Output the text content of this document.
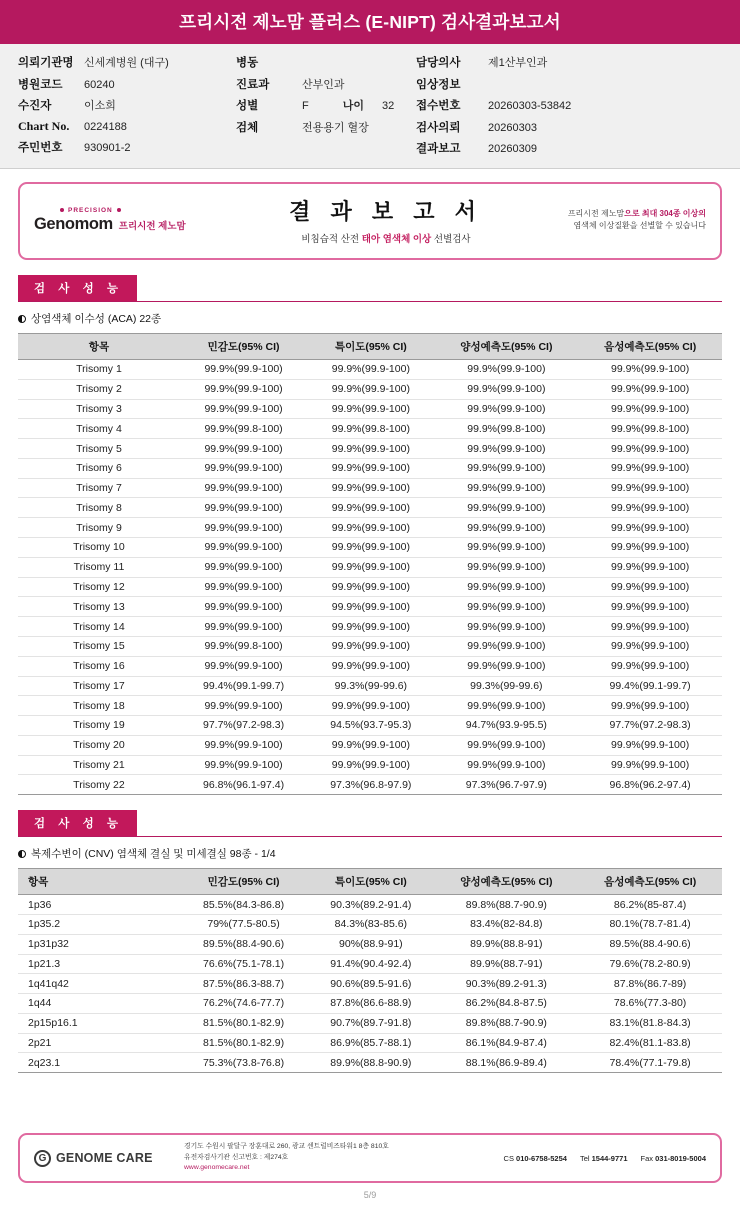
프리시전 제노맘 플러스 (E-NIPT) 검사결과보고서
의뢰기관명 신세계병원 (대구)
병원코드	60240
수진자	이소희
Chart No.	0224188
주민번호	930901-2
병동
진료과	산부인과
성별	F	나이 32
검체	전용용기 혈장
담당의사	제1산부인과
임상정보
접수번호	20260303-53842
검사의뢰	20260303
결과보고	20260309
PRECISION
Genomom 프리시전 제노맘
결 과 보 고 서
비침습적 산전 태아 염색체 이상 선별검사
프리시전 제노맘으로 최대 304종 이상의
염색체 이상질환을 선별할 수 있습니다
검 사 성 능
상염색체 이수성 (ACA) 22종
항목	민감도(95% CI)	특이도(95% CI)	양성예측도(95% CI)	음성예측도(95% CI)
Trisomy 1	99.9%(99.9-100)	99.9%(99.9-100)	99.9%(99.9-100)	99.9%(99.9-100)
Trisomy 2	99.9%(99.9-100)	99.9%(99.9-100)	99.9%(99.9-100)	99.9%(99.9-100)
Trisomy 3	99.9%(99.9-100)	99.9%(99.9-100)	99.9%(99.9-100)	99.9%(99.9-100)
Trisomy 4	99.9%(99.8-100)	99.9%(99.8-100)	99.9%(99.8-100)	99.9%(99.8-100)
Trisomy 5	99.9%(99.9-100)	99.9%(99.9-100)	99.9%(99.9-100)	99.9%(99.9-100)
Trisomy 6	99.9%(99.9-100)	99.9%(99.9-100)	99.9%(99.9-100)	99.9%(99.9-100)
Trisomy 7	99.9%(99.9-100)	99.9%(99.9-100)	99.9%(99.9-100)	99.9%(99.9-100)
Trisomy 8	99.9%(99.9-100)	99.9%(99.9-100)	99.9%(99.9-100)	99.9%(99.9-100)
Trisomy 9	99.9%(99.9-100)	99.9%(99.9-100)	99.9%(99.9-100)	99.9%(99.9-100)
Trisomy 10	99.9%(99.9-100)	99.9%(99.9-100)	99.9%(99.9-100)	99.9%(99.9-100)
Trisomy 11	99.9%(99.9-100)	99.9%(99.9-100)	99.9%(99.9-100)	99.9%(99.9-100)
Trisomy 12	99.9%(99.9-100)	99.9%(99.9-100)	99.9%(99.9-100)	99.9%(99.9-100)
Trisomy 13	99.9%(99.9-100)	99.9%(99.9-100)	99.9%(99.9-100)	99.9%(99.9-100)
Trisomy 14	99.9%(99.9-100)	99.9%(99.9-100)	99.9%(99.9-100)	99.9%(99.9-100)
Trisomy 15	99.9%(99.8-100)	99.9%(99.9-100)	99.9%(99.9-100)	99.9%(99.9-100)
Trisomy 16	99.9%(99.9-100)	99.9%(99.9-100)	99.9%(99.9-100)	99.9%(99.9-100)
Trisomy 17	99.4%(99.1-99.7)	99.3%(99-99.6)	99.3%(99-99.6)	99.4%(99.1-99.7)
Trisomy 18	99.9%(99.9-100)	99.9%(99.9-100)	99.9%(99.9-100)	99.9%(99.9-100)
Trisomy 19	97.7%(97.2-98.3)	94.5%(93.7-95.3)	94.7%(93.9-95.5)	97.7%(97.2-98.3)
Trisomy 20	99.9%(99.9-100)	99.9%(99.9-100)	99.9%(99.9-100)	99.9%(99.9-100)
Trisomy 21	99.9%(99.9-100)	99.9%(99.9-100)	99.9%(99.9-100)	99.9%(99.9-100)
Trisomy 22	96.8%(96.1-97.4)	97.3%(96.8-97.9)	97.3%(96.7-97.9)	96.8%(96.2-97.4)
검 사 성 능
복제수변이 (CNV) 염색체 결실 및 미세결실 98종 - 1/4
항목	민감도(95% CI)	특이도(95% CI)	양성예측도(95% CI)	음성예측도(95% CI)
1p36	85.5%(84.3-86.8)	90.3%(89.2-91.4)	89.8%(88.7-90.9)	86.2%(85-87.4)
1p35.2	79%(77.5-80.5)	84.3%(83-85.6)	83.4%(82-84.8)	80.1%(78.7-81.4)
1p31p32	89.5%(88.4-90.6)	90%(88.9-91)	89.9%(88.8-91)	89.5%(88.4-90.6)
1p21.3	76.6%(75.1-78.1)	91.4%(90.4-92.4)	89.9%(88.7-91)	79.6%(78.2-80.9)
1q41q42	87.5%(86.3-88.7)	90.6%(89.5-91.6)	90.3%(89.2-91.3)	87.8%(86.7-89)
1q44	76.2%(74.6-77.7)	87.8%(86.6-88.9)	86.2%(84.8-87.5)	78.6%(77.3-80)
2p15p16.1	81.5%(80.1-82.9)	90.7%(89.7-91.8)	89.8%(88.7-90.9)	83.1%(81.8-84.3)
2p21	81.5%(80.1-82.9)	86.9%(85.7-88.1)	86.1%(84.9-87.4)	82.4%(81.1-83.8)
2q23.1	75.3%(73.8-76.8)	89.9%(88.8-90.9)	88.1%(86.9-89.4)	78.4%(77.1-79.8)
G GENOME CARE
경기도 수원시 팔달구 장훈대로 260, 광교 센트럴비즈타워1 8층 810호
유전자검사기관 신고번호 : 제274호
www.genomecare.net
CS 010-6758-5254 Tel 1544-9771 Fax 031-8019-5004
5/9
